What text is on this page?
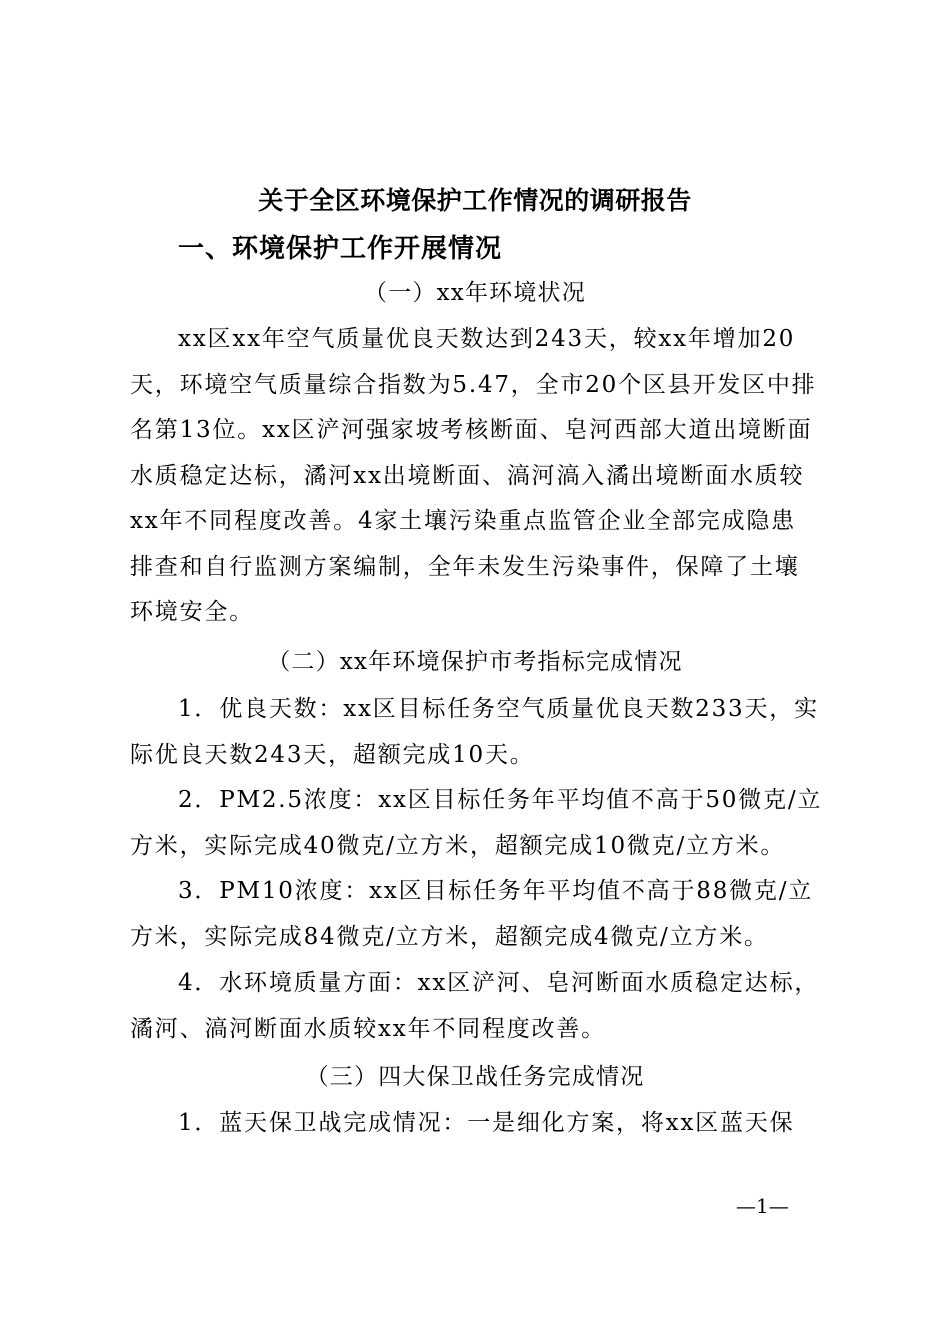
关于全区环境保护工作情况的调研报告
一、环境保护工作开展情况
（一）xx年环境状况
xx区xx年空气质量优良天数达到243天，较xx年增加20
天，环境空气质量综合指数为5.47，全市20个区县开发区中排
名第13位。xx区浐河强家坡考核断面、皂河西部大道出境断面
水质稳定达标，潏河xx出境断面、滈河滈入潏出境断面水质较
xx年不同程度改善。4家土壤污染重点监管企业全部完成隐患
排查和自行监测方案编制，全年未发生污染事件，保障了土壤
环境安全。
（二）xx年环境保护市考指标完成情况
1．优良天数：xx区目标任务空气质量优良天数233天，实
际优良天数243天，超额完成10天。
2．PM2.5浓度：xx区目标任务年平均值不高于50微克/立
方米，实际完成40微克/立方米，超额完成10微克/立方米。
3．PM10浓度：xx区目标任务年平均值不高于88微克/立
方米，实际完成84微克/立方米，超额完成4微克/立方米。
4．水环境质量方面：xx区浐河、皂河断面水质稳定达标，
潏河、滈河断面水质较xx年不同程度改善。
（三）四大保卫战任务完成情况
1．蓝天保卫战完成情况：一是细化方案，将xx区蓝天保
—1—
